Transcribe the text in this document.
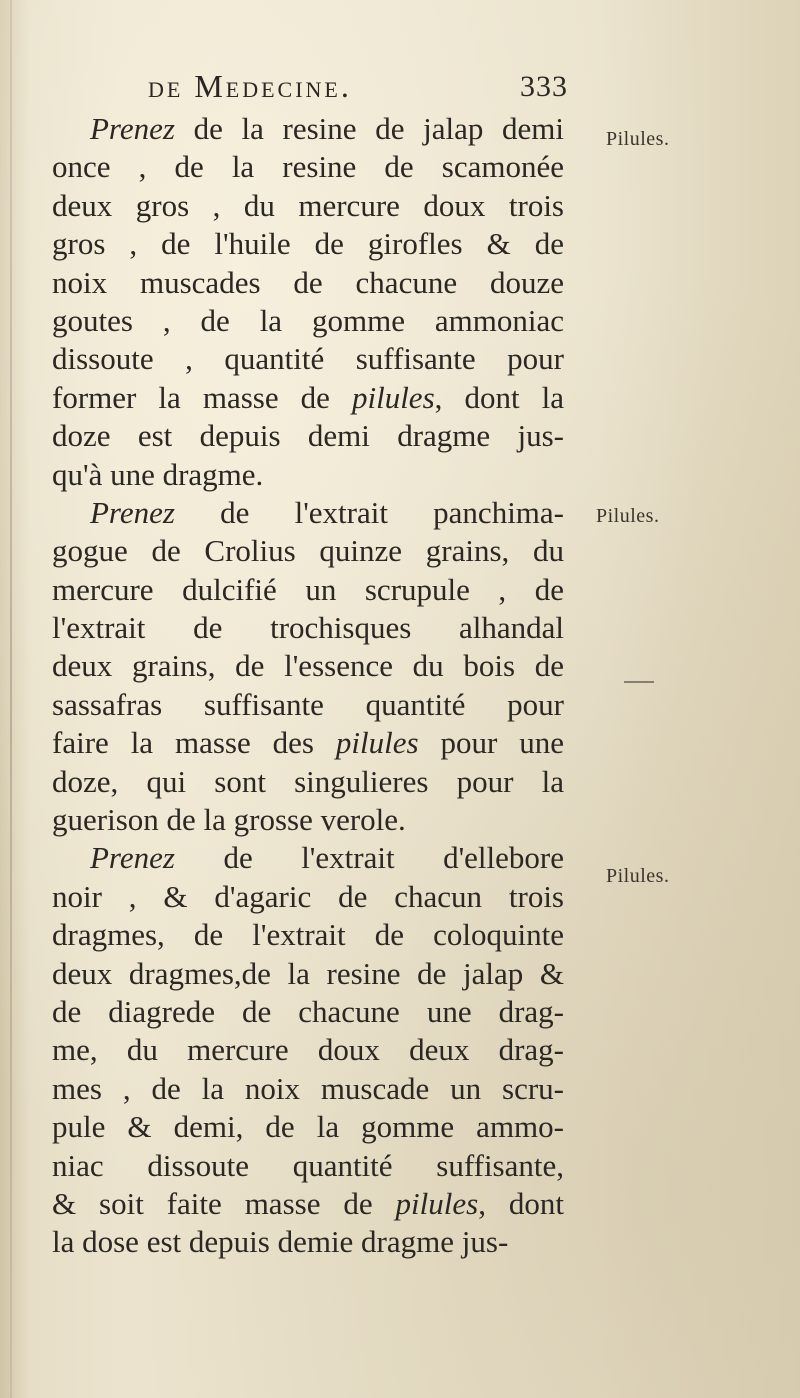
de Medecine.	333
Prenez de la resine de jalap demi
once , de la resine de scamonée
deux gros , du mercure doux trois
gros , de l'huile de girofles & de
noix muscades de chacune douze
goutes , de la gomme ammoniac
dissoute , quantité suffisante pour
former la masse de pilules, dont la
doze est depuis demi dragme jus-
qu'à une dragme.
Prenez de l'extrait panchima-
gogue de Crolius quinze grains, du
mercure dulcifié un scrupule , de
l'extrait de trochisques alhandal
deux grains, de l'essence du bois de
sassafras suffisante quantité pour
faire la masse des pilules pour une
doze, qui sont singulieres pour la
guerison de la grosse verole.
Prenez de l'extrait d'ellebore
noir , & d'agaric de chacun trois
dragmes, de l'extrait de coloquinte
deux dragmes,de la resine de jalap &
de diagrede de chacune une drag-
me, du mercure doux deux drag-
mes , de la noix muscade un scru-
pule & demi, de la gomme ammo-
niac dissoute quantité suffisante,
& soit faite masse de pilules, dont
la dose est depuis demie dragme jus-
Pilules.
Pilules.
Pilules.
